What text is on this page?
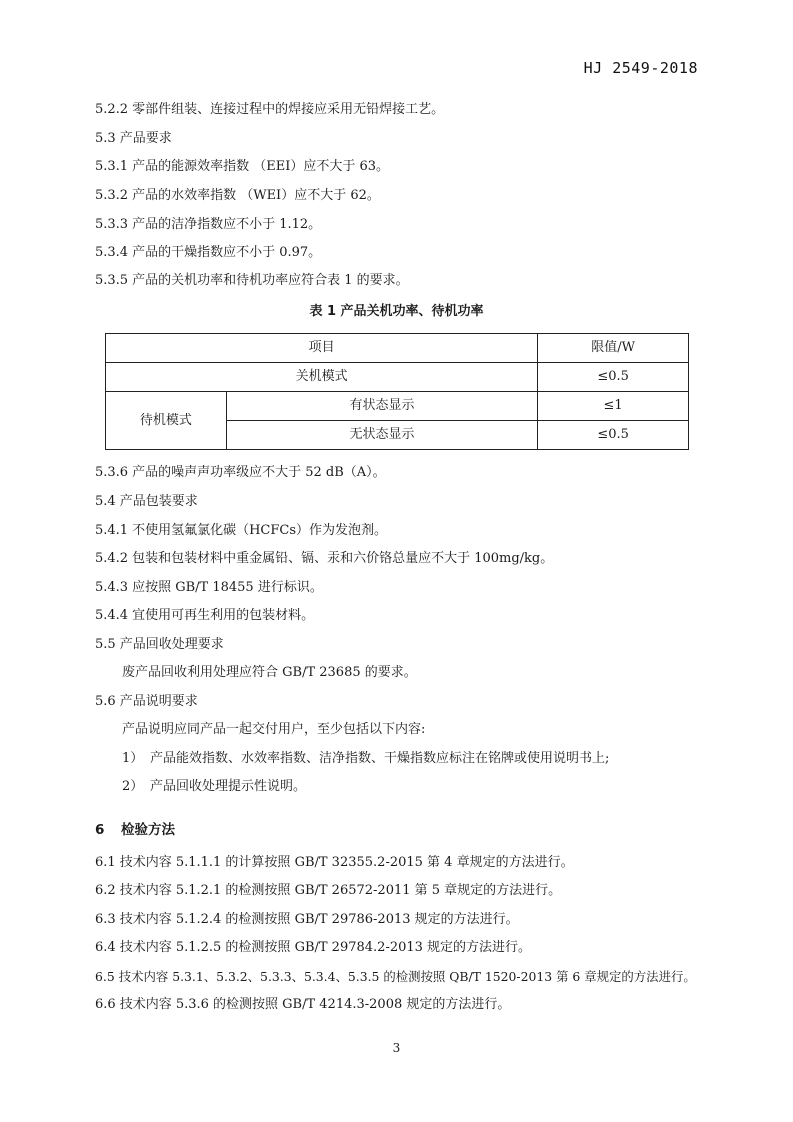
HJ 2549-2018
5.2.2 零部件组装、连接过程中的焊接应采用无铅焊接工艺。
5.3 产品要求
5.3.1 产品的能源效率指数 （EEI）应不大于 63。
5.3.2 产品的水效率指数 （WEI）应不大于 62。
5.3.3 产品的洁净指数应不小于 1.12。
5.3.4 产品的干燥指数应不小于 0.97。
5.3.5 产品的关机功率和待机功率应符合表 1 的要求。
表 1 产品关机功率、待机功率
项目		限值/W
关机模式		≤0.5
待机模式	有状态显示	≤1
	无状态显示	≤0.5
5.3.6 产品的噪声声功率级应不大于 52 dB（A）。
5.4 产品包装要求
5.4.1 不使用氢氟氯化碳（HCFCs）作为发泡剂。
5.4.2 包装和包装材料中重金属铅、镉、汞和六价铬总量应不大于 100mg/kg。
5.4.3 应按照 GB/T 18455 进行标识。
5.4.4 宜使用可再生利用的包装材料。
5.5 产品回收处理要求
废产品回收利用处理应符合 GB/T 23685 的要求。
5.6 产品说明要求
产品说明应同产品一起交付用户，至少包括以下内容:
1） 产品能效指数、水效率指数、洁净指数、干燥指数应标注在铭牌或使用说明书上;
2） 产品回收处理提示性说明。
6 检验方法
6.1 技术内容 5.1.1.1 的计算按照 GB/T 32355.2-2015 第 4 章规定的方法进行。
6.2 技术内容 5.1.2.1 的检测按照 GB/T 26572-2011 第 5 章规定的方法进行。
6.3 技术内容 5.1.2.4 的检测按照 GB/T 29786-2013 规定的方法进行。
6.4 技术内容 5.1.2.5 的检测按照 GB/T 29784.2-2013 规定的方法进行。
6.5 技术内容 5.3.1、5.3.2、5.3.3、5.3.4、5.3.5 的检测按照 QB/T 1520-2013 第 6 章规定的方法进行。
6.6 技术内容 5.3.6 的检测按照 GB/T 4214.3-2008 规定的方法进行。
3
